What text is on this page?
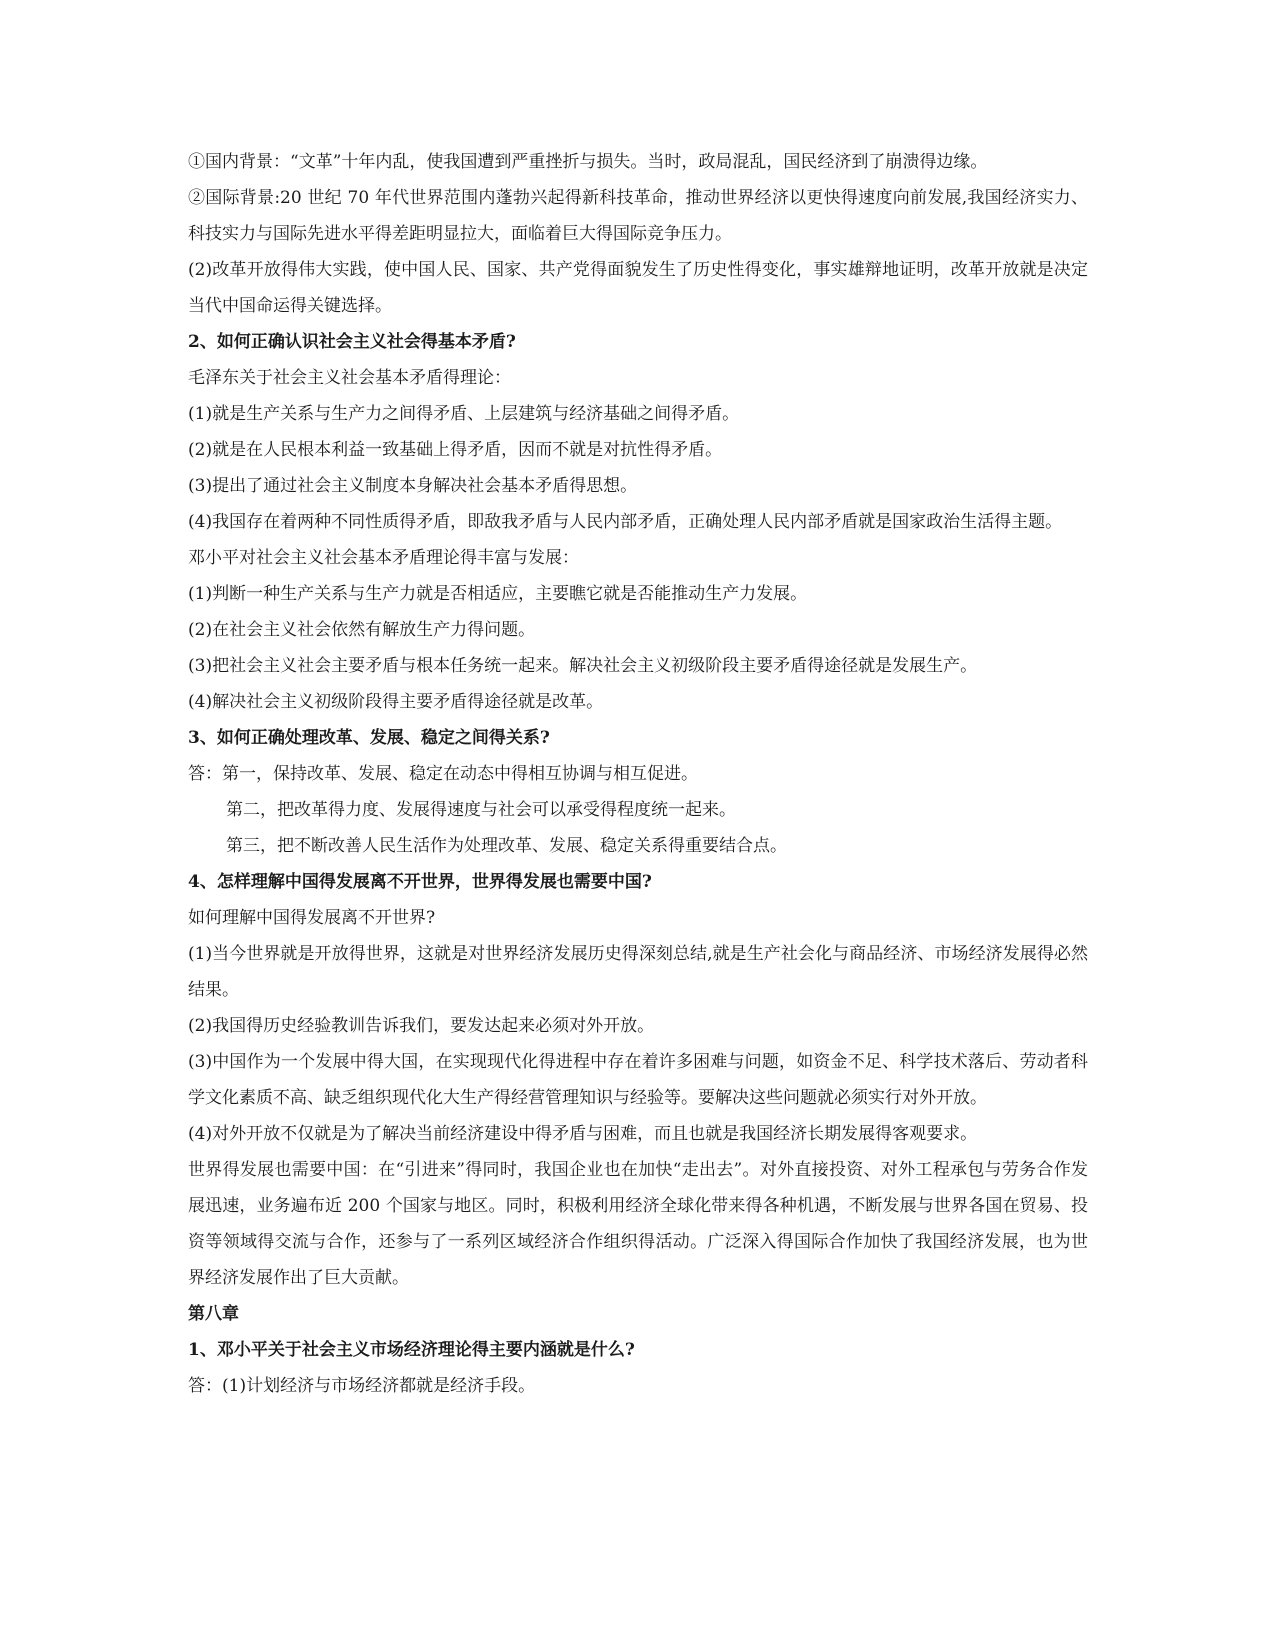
①国内背景：“文革”十年内乱，使我国遭到严重挫折与损失。当时，政局混乱，国民经济到了崩溃得边缘。

②国际背景:20 世纪 70 年代世界范围内蓬勃兴起得新科技革命，推动世界经济以更快得速度向前发展,我国经济实力、科技实力与国际先进水平得差距明显拉大，面临着巨大得国际竞争压力。

(2)改革开放得伟大实践，使中国人民、国家、共产党得面貌发生了历史性得变化，事实雄辩地证明，改革开放就是决定当代中国命运得关键选择。

2、如何正确认识社会主义社会得基本矛盾?

毛泽东关于社会主义社会基本矛盾得理论：

(1)就是生产关系与生产力之间得矛盾、上层建筑与经济基础之间得矛盾。

(2)就是在人民根本利益一致基础上得矛盾，因而不就是对抗性得矛盾。

(3)提出了通过社会主义制度本身解决社会基本矛盾得思想。

(4)我国存在着两种不同性质得矛盾，即敌我矛盾与人民内部矛盾，正确处理人民内部矛盾就是国家政治生活得主题。

邓小平对社会主义社会基本矛盾理论得丰富与发展：

(1)判断一种生产关系与生产力就是否相适应，主要瞧它就是否能推动生产力发展。

(2)在社会主义社会依然有解放生产力得问题。

(3)把社会主义社会主要矛盾与根本任务统一起来。解决社会主义初级阶段主要矛盾得途径就是发展生产。

(4)解决社会主义初级阶段得主要矛盾得途径就是改革。

3、如何正确处理改革、发展、稳定之间得关系?

答：第一，保持改革、发展、稳定在动态中得相互协调与相互促进。

第二，把改革得力度、发展得速度与社会可以承受得程度统一起来。

第三，把不断改善人民生活作为处理改革、发展、稳定关系得重要结合点。

4、怎样理解中国得发展离不开世界，世界得发展也需要中国?

如何理解中国得发展离不开世界?

(1)当今世界就是开放得世界，这就是对世界经济发展历史得深刻总结,就是生产社会化与商品经济、市场经济发展得必然结果。

(2)我国得历史经验教训告诉我们，要发达起来必须对外开放。

(3)中国作为一个发展中得大国，在实现现代化得进程中存在着许多困难与问题，如资金不足、科学技术落后、劳动者科学文化素质不高、缺乏组织现代化大生产得经营管理知识与经验等。要解决这些问题就必须实行对外开放。

(4)对外开放不仅就是为了解决当前经济建设中得矛盾与困难，而且也就是我国经济长期发展得客观要求。

世界得发展也需要中国：在“引进来”得同时，我国企业也在加快“走出去”。对外直接投资、对外工程承包与劳务合作发展迅速，业务遍布近 200 个国家与地区。同时，积极利用经济全球化带来得各种机遇，不断发展与世界各国在贸易、投资等领域得交流与合作，还参与了一系列区域经济合作组织得活动。广泛深入得国际合作加快了我国经济发展，也为世界经济发展作出了巨大贡献。

第八章

1、邓小平关于社会主义市场经济理论得主要内涵就是什么?

答：(1)计划经济与市场经济都就是经济手段。
